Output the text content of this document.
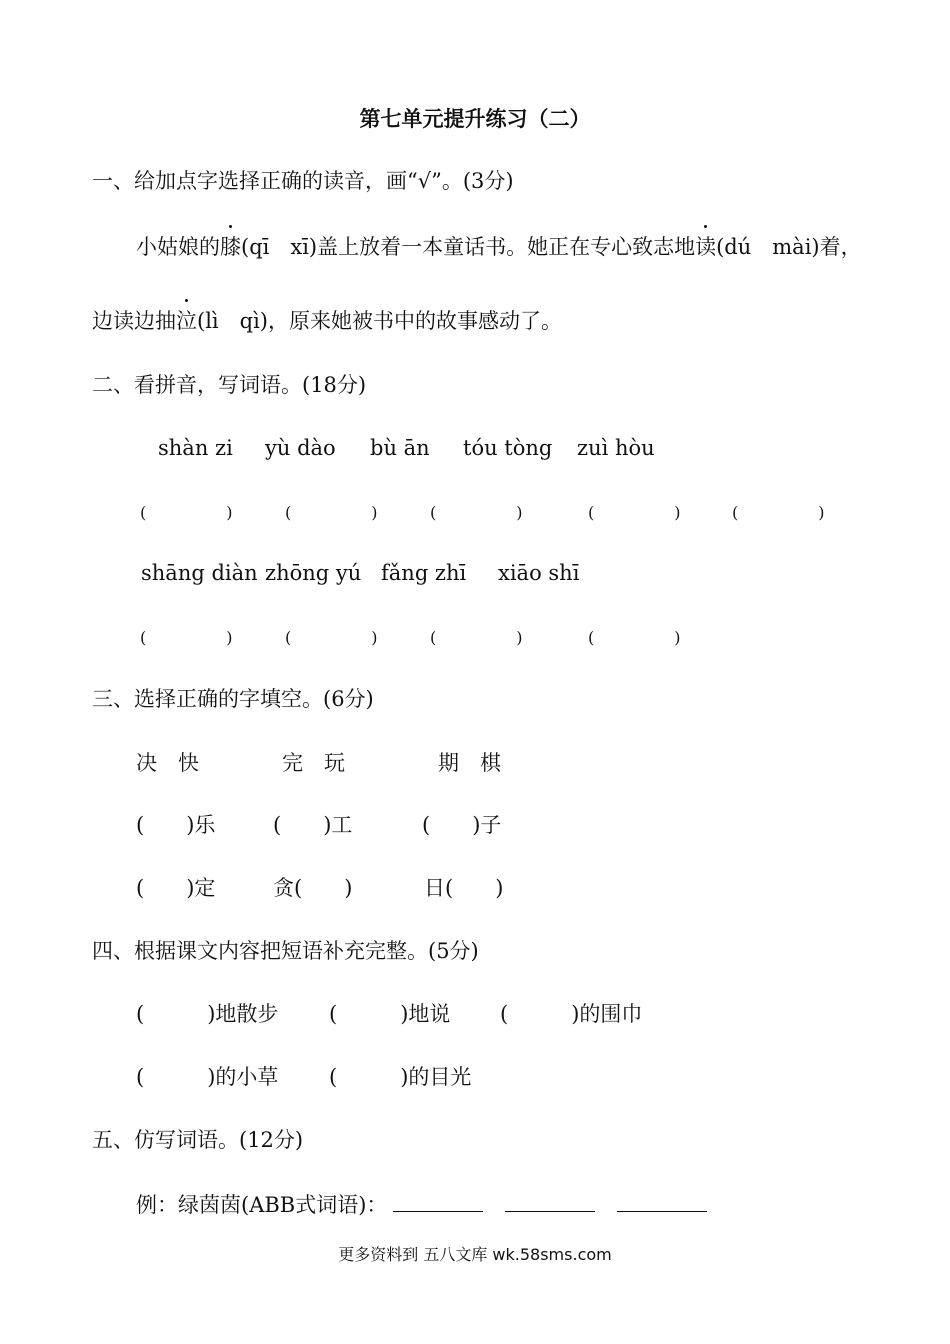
第七单元提升练习（二）
一、给加点字选择正确的读音，画“√”。(3分)
小姑娘的
膝(qī　xī)盖上放着一本童话书。她正在专心致志地
读(dú　mài)着，
边读边抽
泣(lì　qì)，原来她被书中的故事感动了。
二、看拼音，写词语。(18分)
shàn zi yù dào bù ān tóu tòng zuì hòu
(　　　　　)	(　　　　　)	(　　　　　)	(　　　　　)	(　　　　　)
shāng diàn zhōng yú fǎng zhī xiāo shī
(　　　　　)	(　　　　　)	(　　　　　)	(　　　　　)
三、选择正确的字填空。(6分)
决　快	完　玩	期　棋
(　　)乐	(　　)工	(　　)子
(　　)定	贪(　　)	日(　　)
四、根据课文内容把短语补充完整。(5分)
(　　　)地散步 (　　　)地说 (　　　)的围巾
(　　　)的小草 (　　　)的目光
五、仿写词语。(12分)
例：绿茵茵(ABB式词语)：
更多资料到 五八文库 wk.58sms.com
